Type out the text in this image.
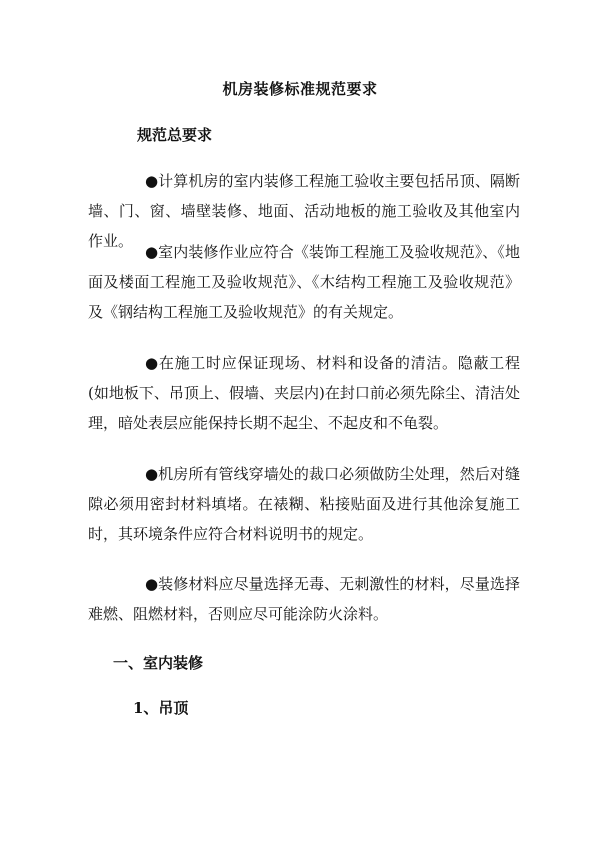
机房装修标准规范要求
规范总要求
●计算机房的室内装修工程施工验收主要包括吊顶、隔断墙、门、窗、墙壁装修、地面、活动地板的施工验收及其他室内作业。
●室内装修作业应符合《装饰工程施工及验收规范》、《地面及楼面工程施工及验收规范》、《木结构工程施工及验收规范》及《钢结构工程施工及验收规范》的有关规定。
●在施工时应保证现场、材料和设备的清洁。隐蔽工程(如地板下、吊顶上、假墙、夹层内)在封口前必须先除尘、清洁处理，暗处表层应能保持长期不起尘、不起皮和不龟裂。
●机房所有管线穿墙处的裁口必须做防尘处理，然后对缝隙必须用密封材料填堵。在裱糊、粘接贴面及进行其他涂复施工时，其环境条件应符合材料说明书的规定。
●装修材料应尽量选择无毒、无刺激性的材料，尽量选择难燃、阻燃材料，否则应尽可能涂防火涂料。
一、室内装修
1、吊顶
